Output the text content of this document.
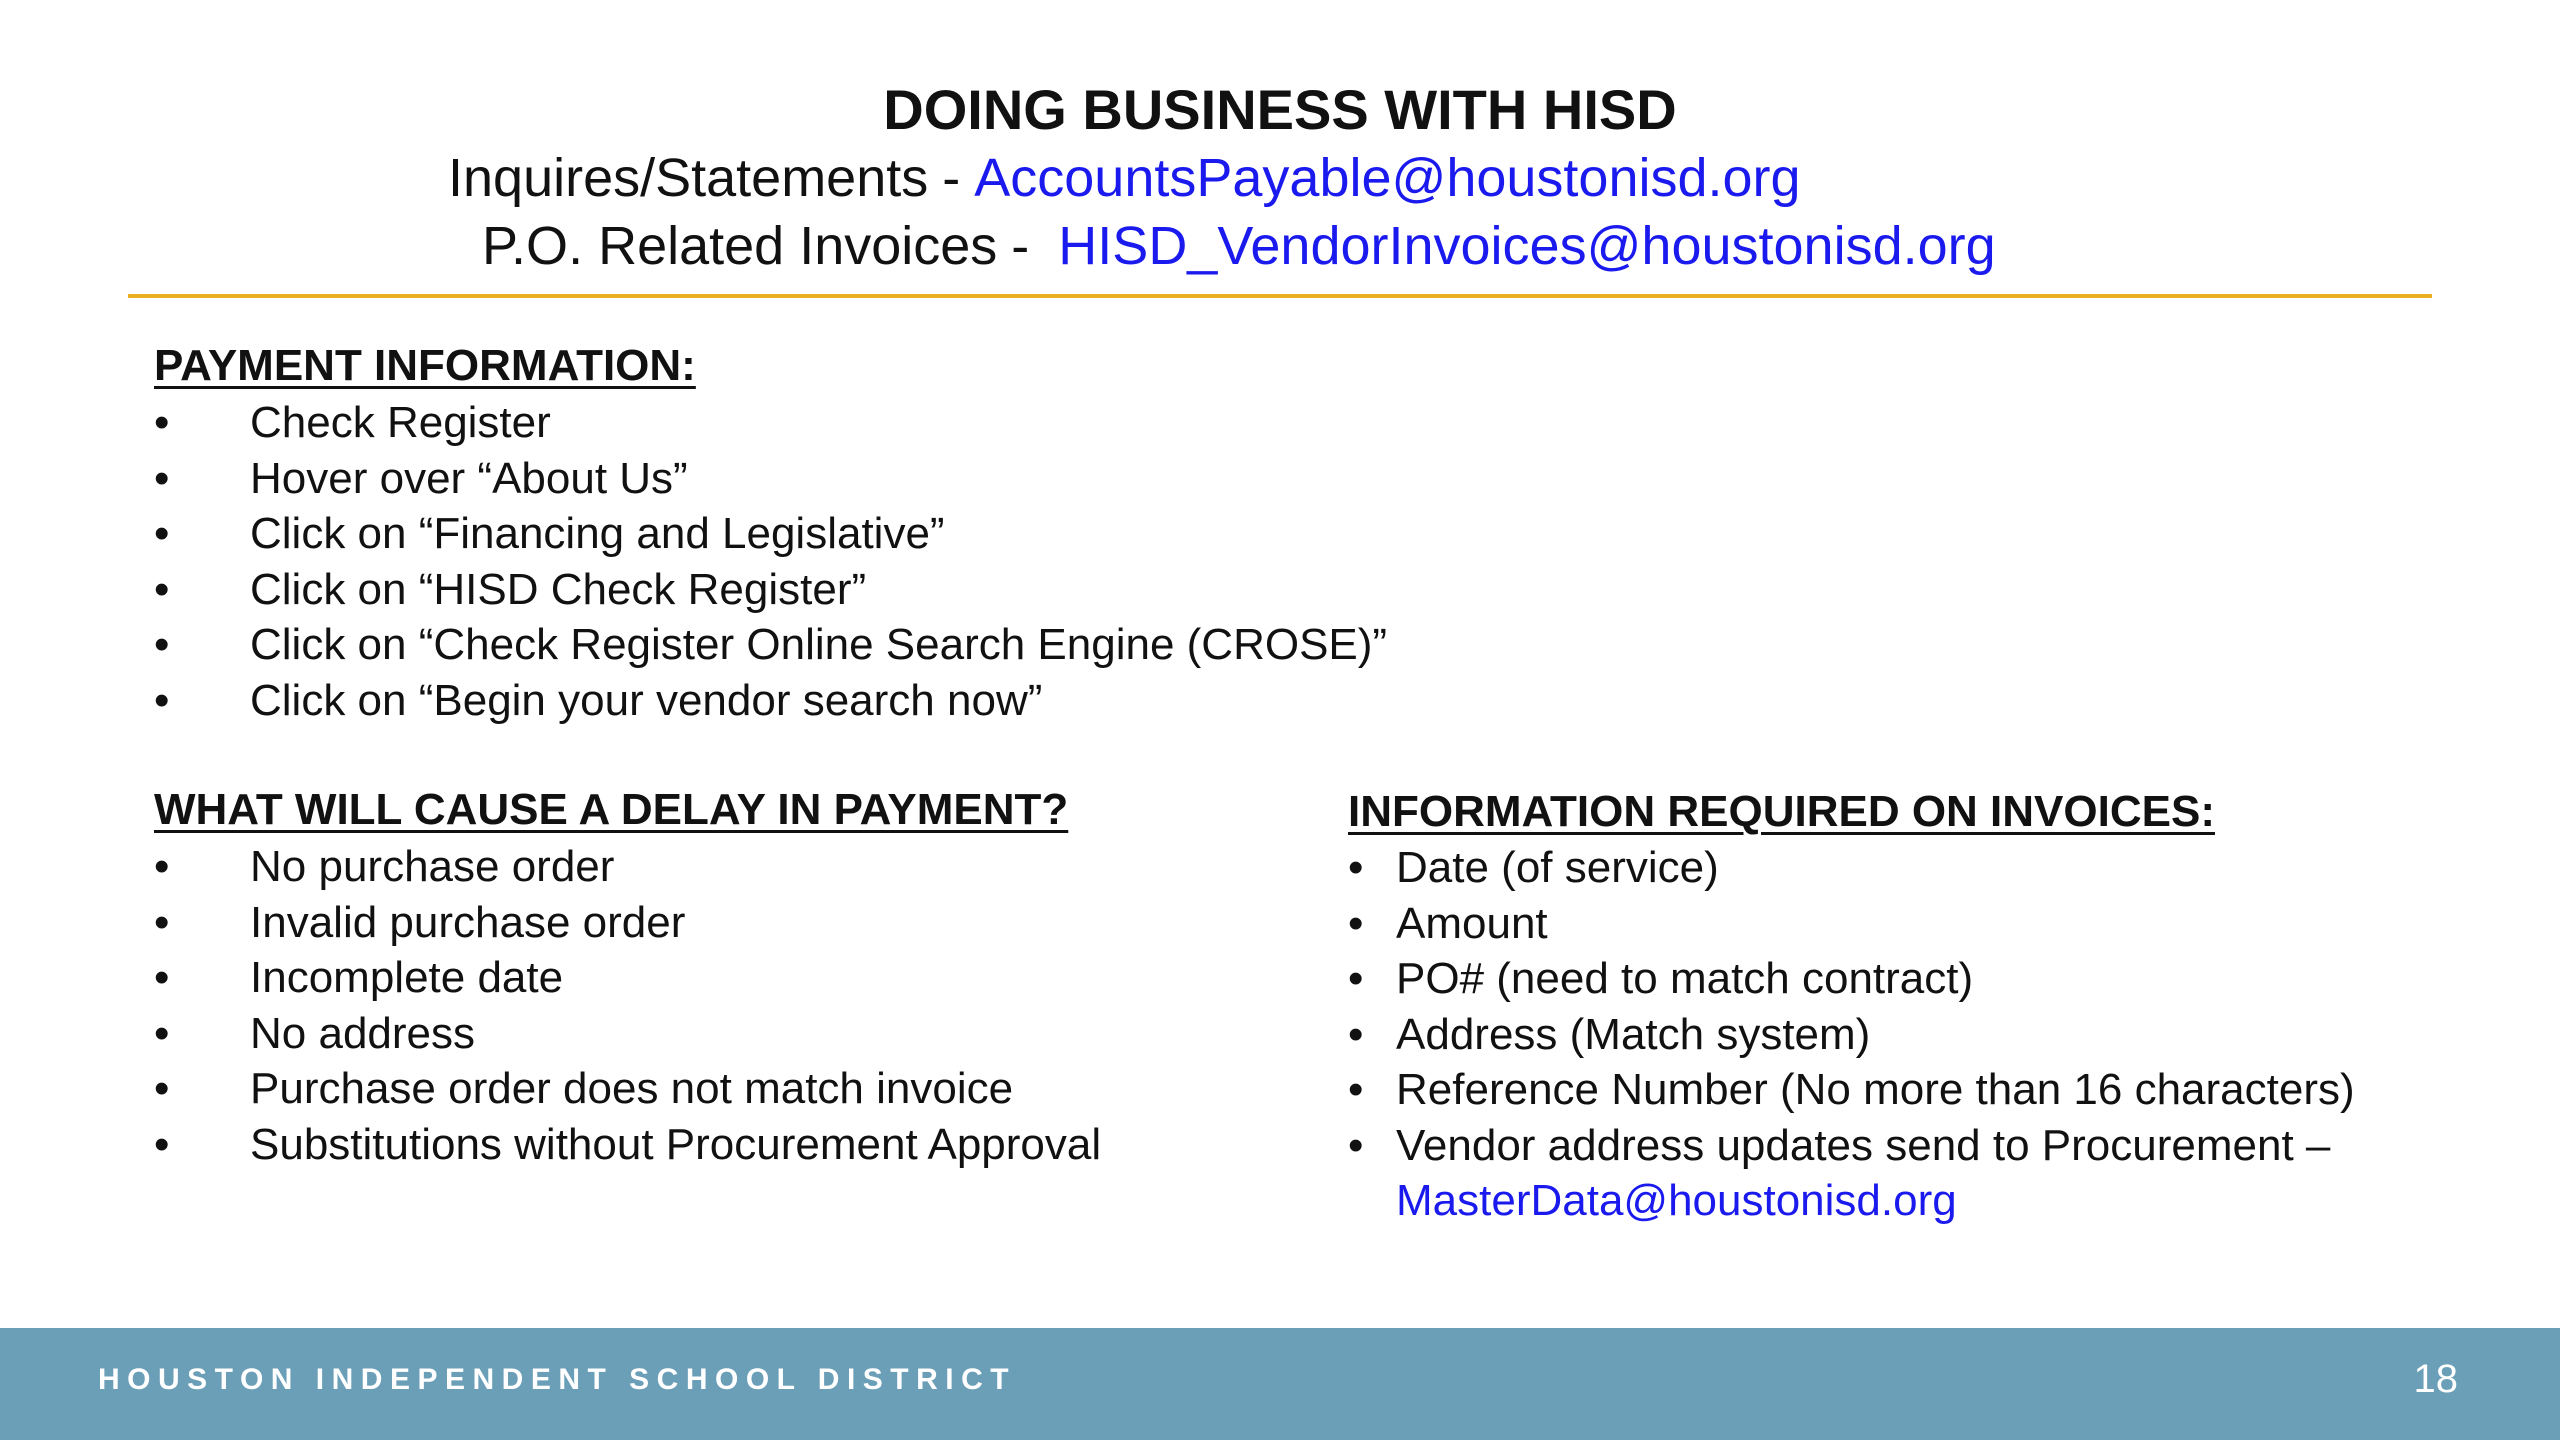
DOING BUSINESS WITH HISD
Inquires/Statements - AccountsPayable@houstonisd.org
P.O. Related Invoices - HISD_VendorInvoices@houstonisd.org
PAYMENT INFORMATION:
• Check Register
• Hover over “About Us”
• Click on “Financing and Legislative”
• Click on “HISD Check Register”
• Click on “Check Register Online Search Engine (CROSE)”
• Click on “Begin your vendor search now”
WHAT WILL CAUSE A DELAY IN PAYMENT?
• No purchase order
• Invalid purchase order
• Incomplete date
• No address
• Purchase order does not match invoice
• Substitutions without Procurement Approval
INFORMATION REQUIRED ON INVOICES:
• Date (of service)
• Amount
• PO# (need to match contract)
• Address (Match system)
• Reference Number (No more than 16 characters)
• Vendor address updates send to Procurement –
MasterData@houstonisd.org
HOUSTON INDEPENDENT SCHOOL DISTRICT	18
